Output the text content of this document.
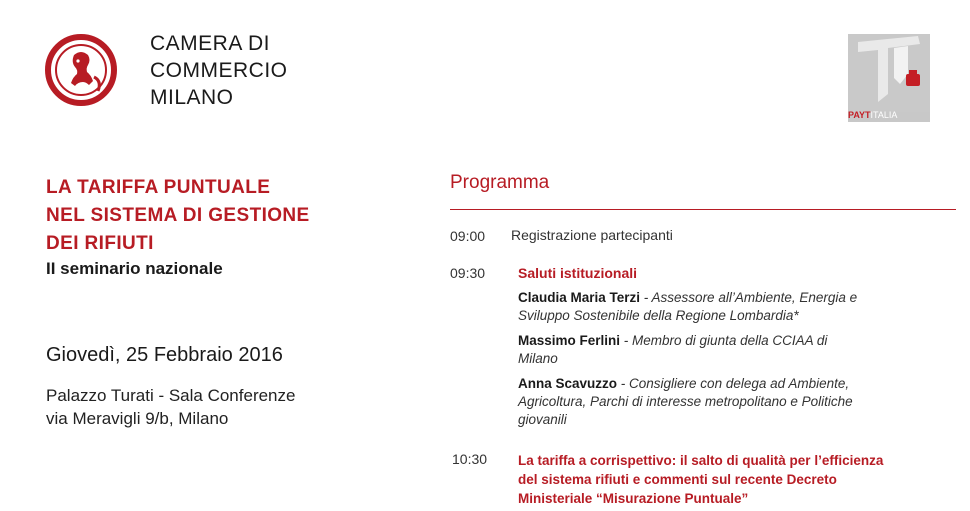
CAMERA DI
COMMERCIO
MILANO
PAYTITALIA
LA TARIFFA PUNTUALE
NEL SISTEMA DI GESTIONE
DEI RIFIUTI
II seminario nazionale
Giovedì, 25 Febbraio 2016
Palazzo Turati - Sala Conferenze
via Meravigli 9/b, Milano
Programma
09:00 Registrazione partecipanti
09:30 Saluti istituzionali
Claudia Maria Terzi - Assessore all’Ambiente, Energia e
Sviluppo Sostenibile della Regione Lombardia*
Massimo Ferlini - Membro di giunta della CCIAA di
Milano
Anna Scavuzzo - Consigliere con delega ad Ambiente,
Agricoltura, Parchi di interesse metropolitano e Politiche
giovanili
10:30 La tariffa a corrispettivo: il salto di qualità per l’efficienza
del sistema rifiuti e commenti sul recente Decreto
Ministeriale “Misurazione Puntuale”
